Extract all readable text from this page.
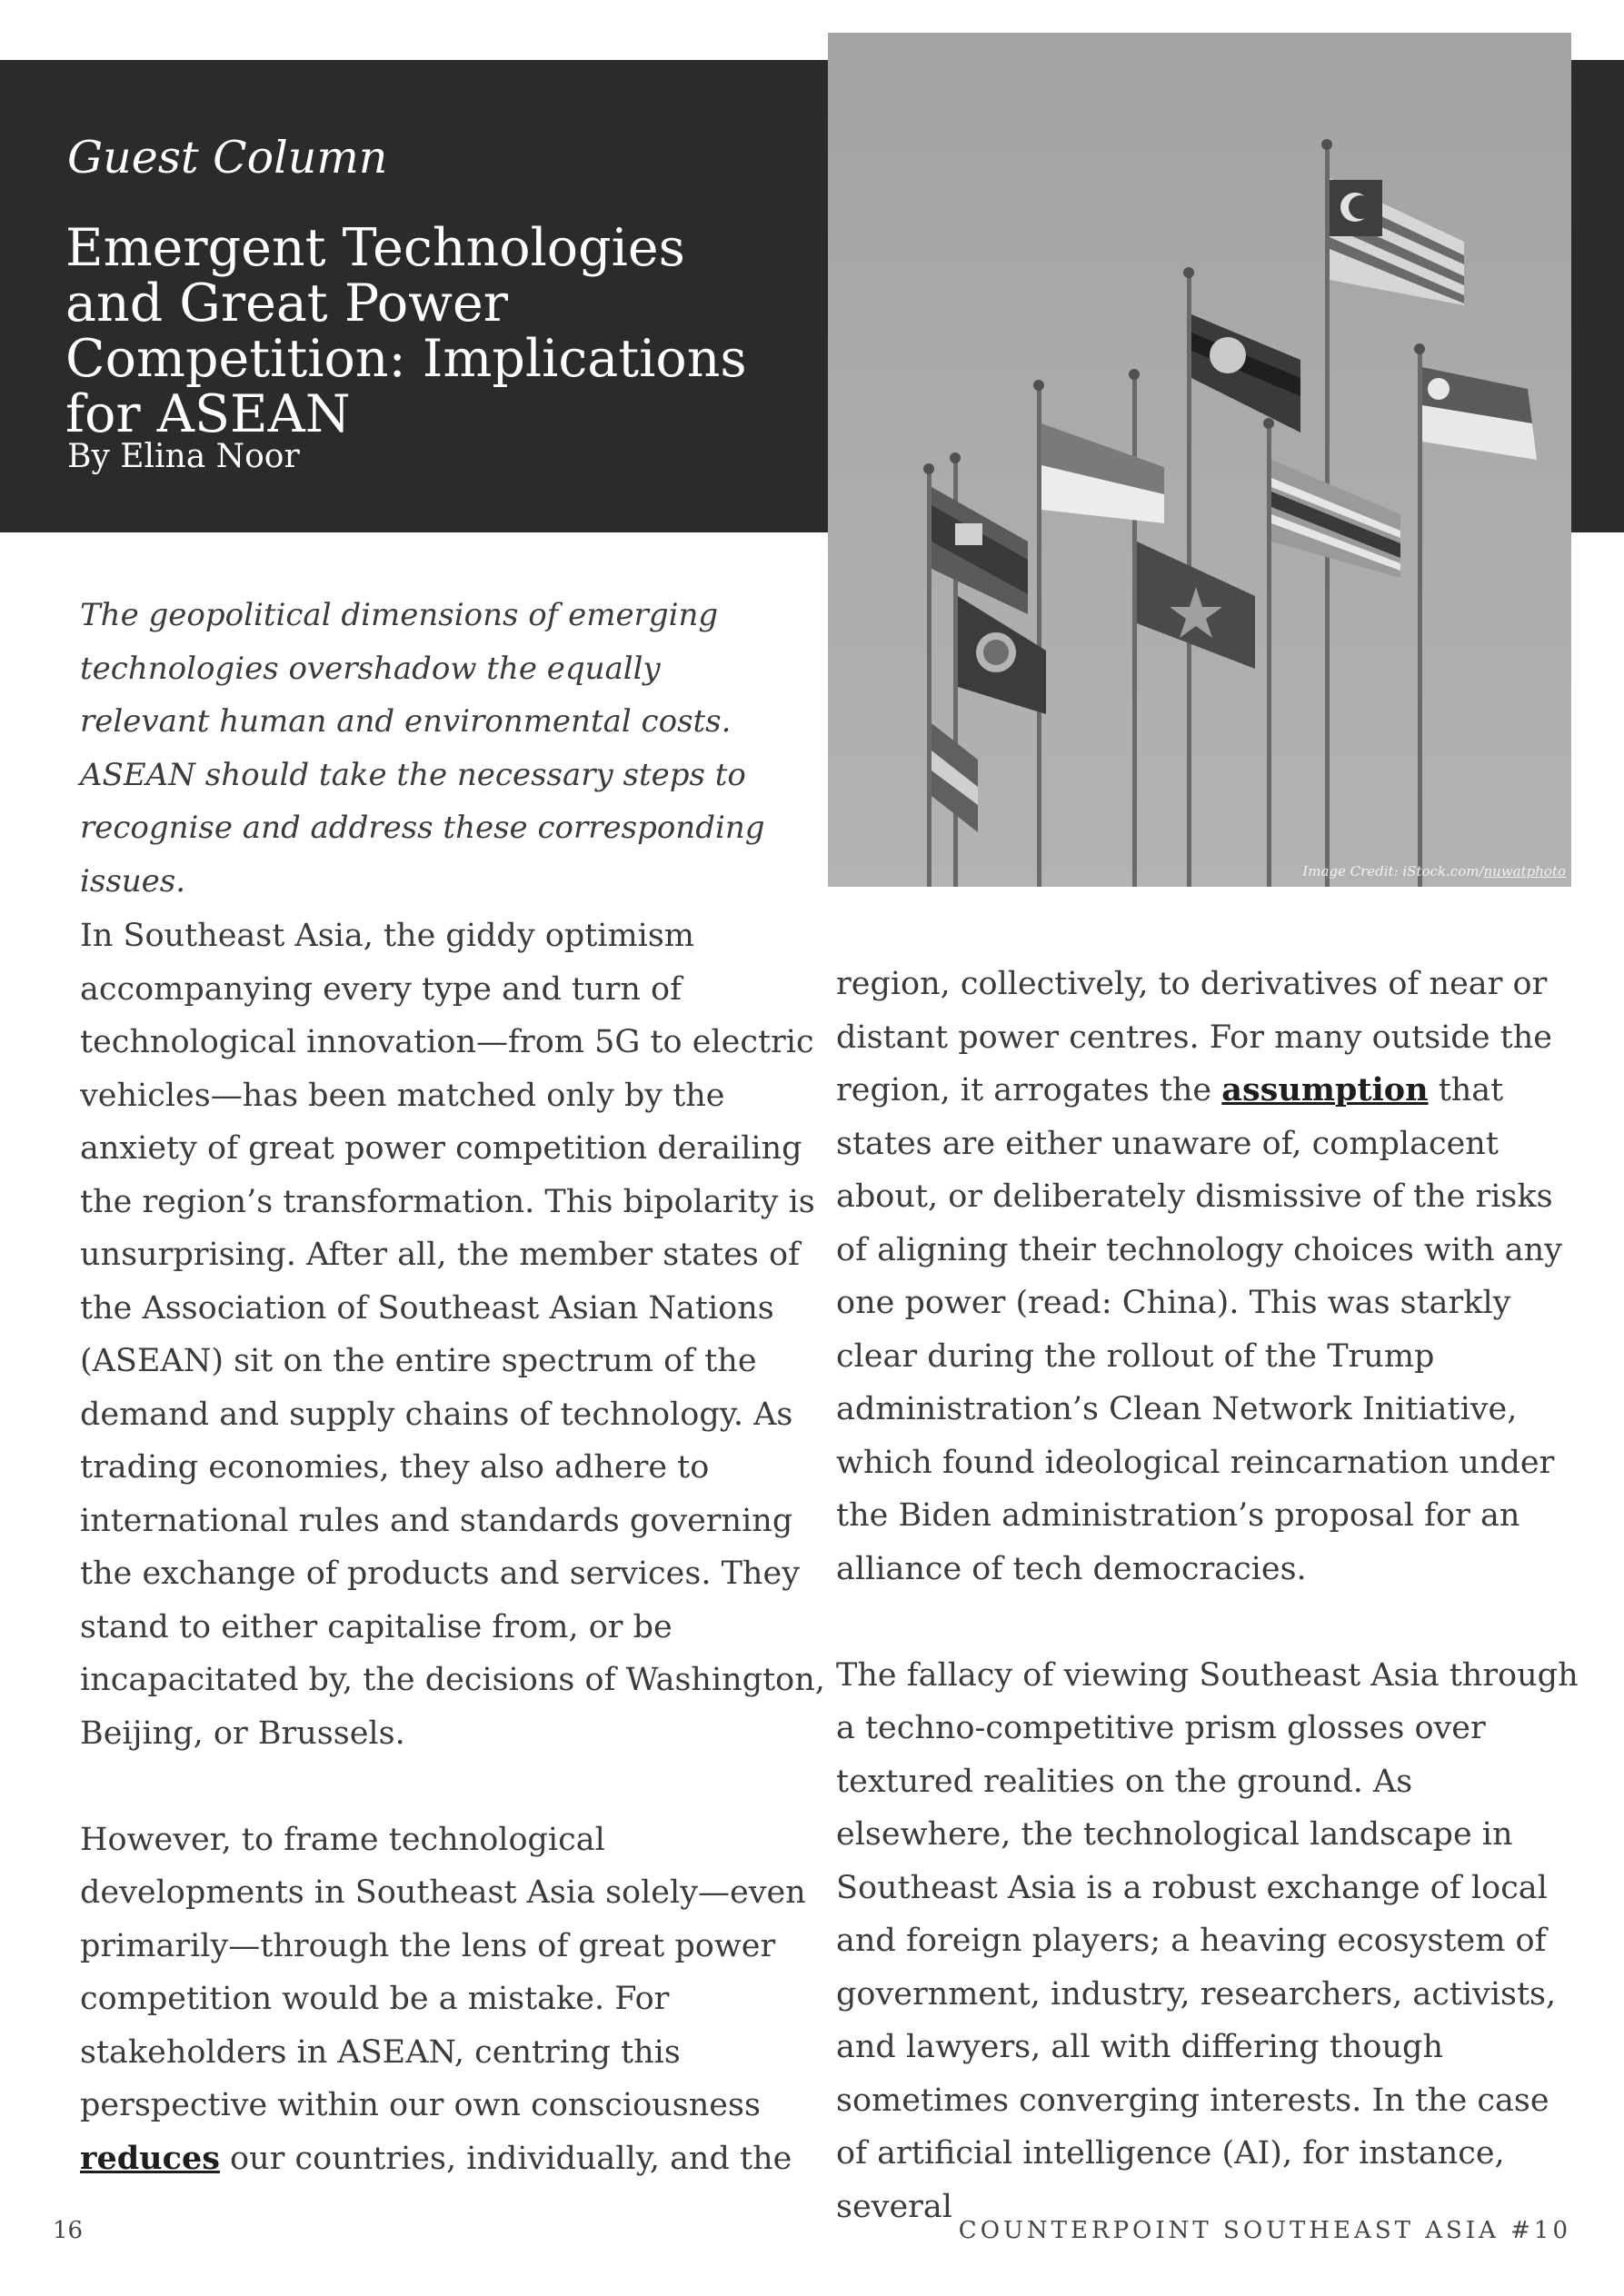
Guest Column
Emergent Technologies and Great Power Competition: Implications for ASEAN
By Elina Noor
Image Credit: iStock.com/nuwatphoto

The geopolitical dimensions of emerging technologies overshadow the equally relevant human and environmental costs. ASEAN should take the necessary steps to recognise and address these corresponding issues.

In Southeast Asia, the giddy optimism accompanying every type and turn of technological innovation—from 5G to electric vehicles—has been matched only by the anxiety of great power competition derailing the region’s transformation. This bipolarity is unsurprising. After all, the member states of the Association of Southeast Asian Nations (ASEAN) sit on the entire spectrum of the demand and supply chains of technology. As trading economies, they also adhere to international rules and standards governing the exchange of products and services. They stand to either capitalise from, or be incapacitated by, the decisions of Washington, Beijing, or Brussels.

However, to frame technological developments in Southeast Asia solely—even primarily—through the lens of great power competition would be a mistake. For stakeholders in ASEAN, centring this perspective within our own consciousness reduces our countries, individually, and the

region, collectively, to derivatives of near or distant power centres. For many outside the region, it arrogates the assumption that states are either unaware of, complacent about, or deliberately dismissive of the risks of aligning their technology choices with any one power (read: China). This was starkly clear during the rollout of the Trump administration’s Clean Network Initiative, which found ideological reincarnation under the Biden administration’s proposal for an alliance of tech democracies.

The fallacy of viewing Southeast Asia through a techno-competitive prism glosses over textured realities on the ground. As elsewhere, the technological landscape in Southeast Asia is a robust exchange of local and foreign players; a heaving ecosystem of government, industry, researchers, activists, and lawyers, all with differing though sometimes converging interests. In the case of artificial intelligence (AI), for instance, several

16	COUNTERPOINT SOUTHEAST ASIA #10
